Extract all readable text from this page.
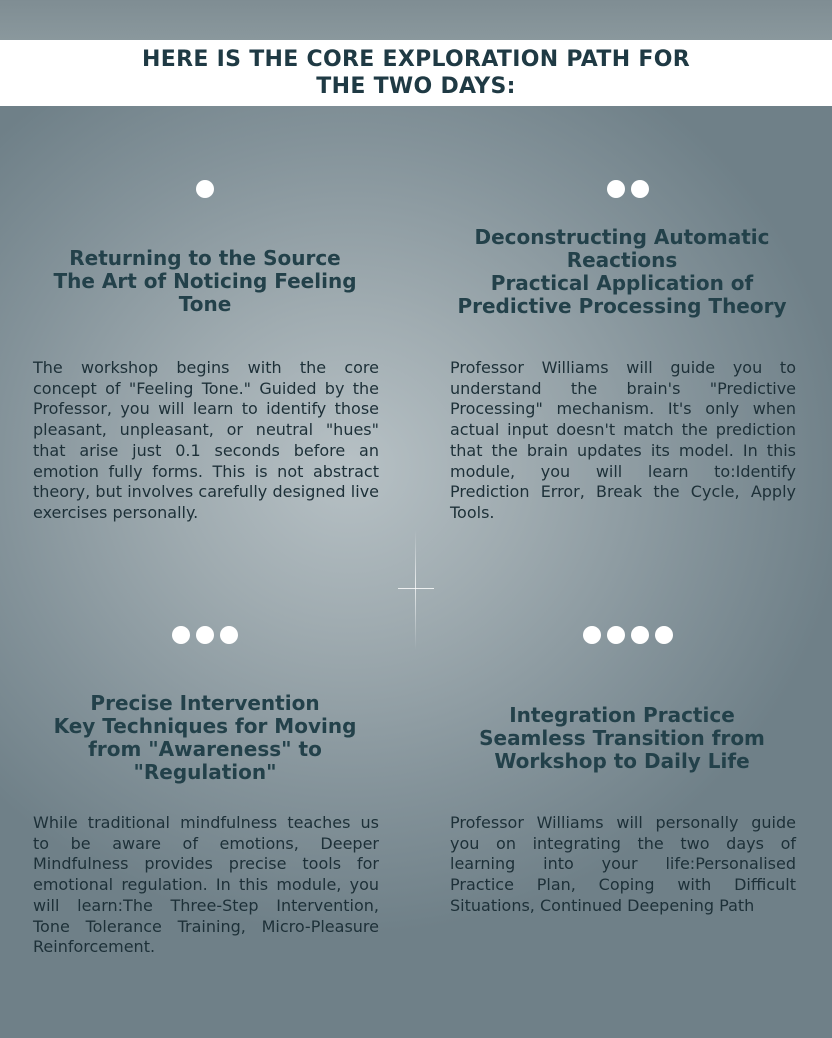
HERE IS THE CORE EXPLORATION PATH FOR THE TWO DAYS:
Returning to the Source
The Art of Noticing Feeling
Tone

The workshop begins with the core concept of "Feeling Tone." Guided by the Professor, you will learn to identify those pleasant, unpleasant, or neutral "hues" that arise just 0.1 seconds before an emotion fully forms. This is not abstract theory, but involves carefully designed live exercises personally.

Deconstructing Automatic
Reactions
Practical Application of
Predictive Processing Theory

Professor Williams will guide you to understand the brain's "Predictive Processing" mechanism. It's only when actual input doesn't match the prediction that the brain updates its model. In this module, you will learn to:Identify Prediction Error, Break the Cycle, Apply Tools.

Precise Intervention
Key Techniques for Moving
from "Awareness" to
"Regulation"

While traditional mindfulness teaches us to be aware of emotions, Deeper Mindfulness provides precise tools for emotional regulation. In this module, you will learn:The Three-Step Intervention, Tone Tolerance Training, Micro-Pleasure Reinforcement.

Integration Practice
Seamless Transition from
Workshop to Daily Life

Professor Williams will personally guide you on integrating the two days of learning into your life:Personalised Practice Plan, Coping with Difficult Situations, Continued Deepening Path
